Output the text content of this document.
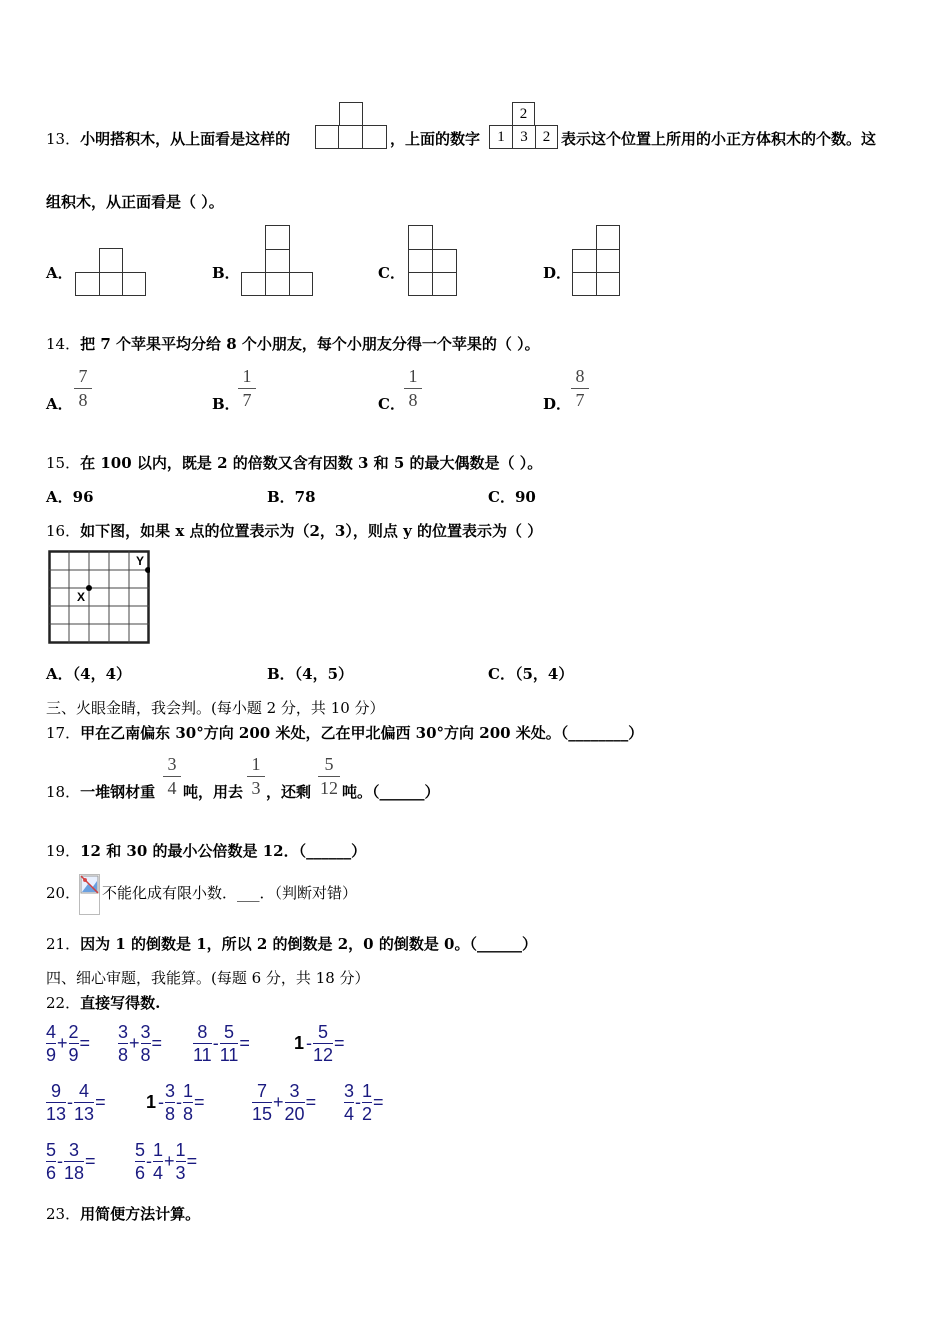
13．小明搭积木，从上面看是这样的	，上面的数字
2
1	3	2 表示这个位置上所用的小正方体积木的个数。这
组积木，从正面看是（ ）。
A．	B．	C．	D．
14．把 7 个苹果平均分给 8 个小朋友，每个小朋友分得一个苹果的（ ）。
A．
7
8	B．
1
7	C．
1
8	D．
8
7
15．在 100 以内，既是 2 的倍数又含有因数 3 和 5 的最大偶数是（ ）。
A．96	B．78	C．90
16．如下图，如果 x 点的位置表示为（2，3），则点 y 的位置表示为（ ）
X
Y
A．（4，4）	B．（4，5）	C．（5，4）
三、火眼金睛，我会判。(每小题 2 分，共 10 分）
17．甲在乙南偏东 30°方向 200 米处，乙在甲北偏西 30°方向 200 米处。（________）
18．一堆钢材重
3
4 吨，用去
1
3 ，还剩
5
12 吨。（______）
19．12 和 30 的最小公倍数是 12．（______）
20． 不能化成有限小数．___．（判断对错）
21．因为 1 的倒数是 1，所以 2 的倒数是 2，0 的倒数是 0。（______）
四、细心审题，我能算。(每题 6 分，共 18 分）
22．直接写得数.
$\frac{4}{9}+\frac{2}{9}= \frac{3}{8}+\frac{3}{8}= \frac{8}{11}-\frac{5}{11}= 1$ $-\frac{5}{12}=$
$\frac{9}{13}-\frac{4}{13}= 1$ $-\frac{3}{8}-\frac{1}{8}=$	$\frac{7}{15}+\frac{3}{20}= \frac{3}{4}-\frac{1}{2}=$
$\frac{5}{6}-\frac{3}{18}= \frac{5}{6}-\frac{1}{4}+\frac{1}{3}=$
23．用简便方法计算。
